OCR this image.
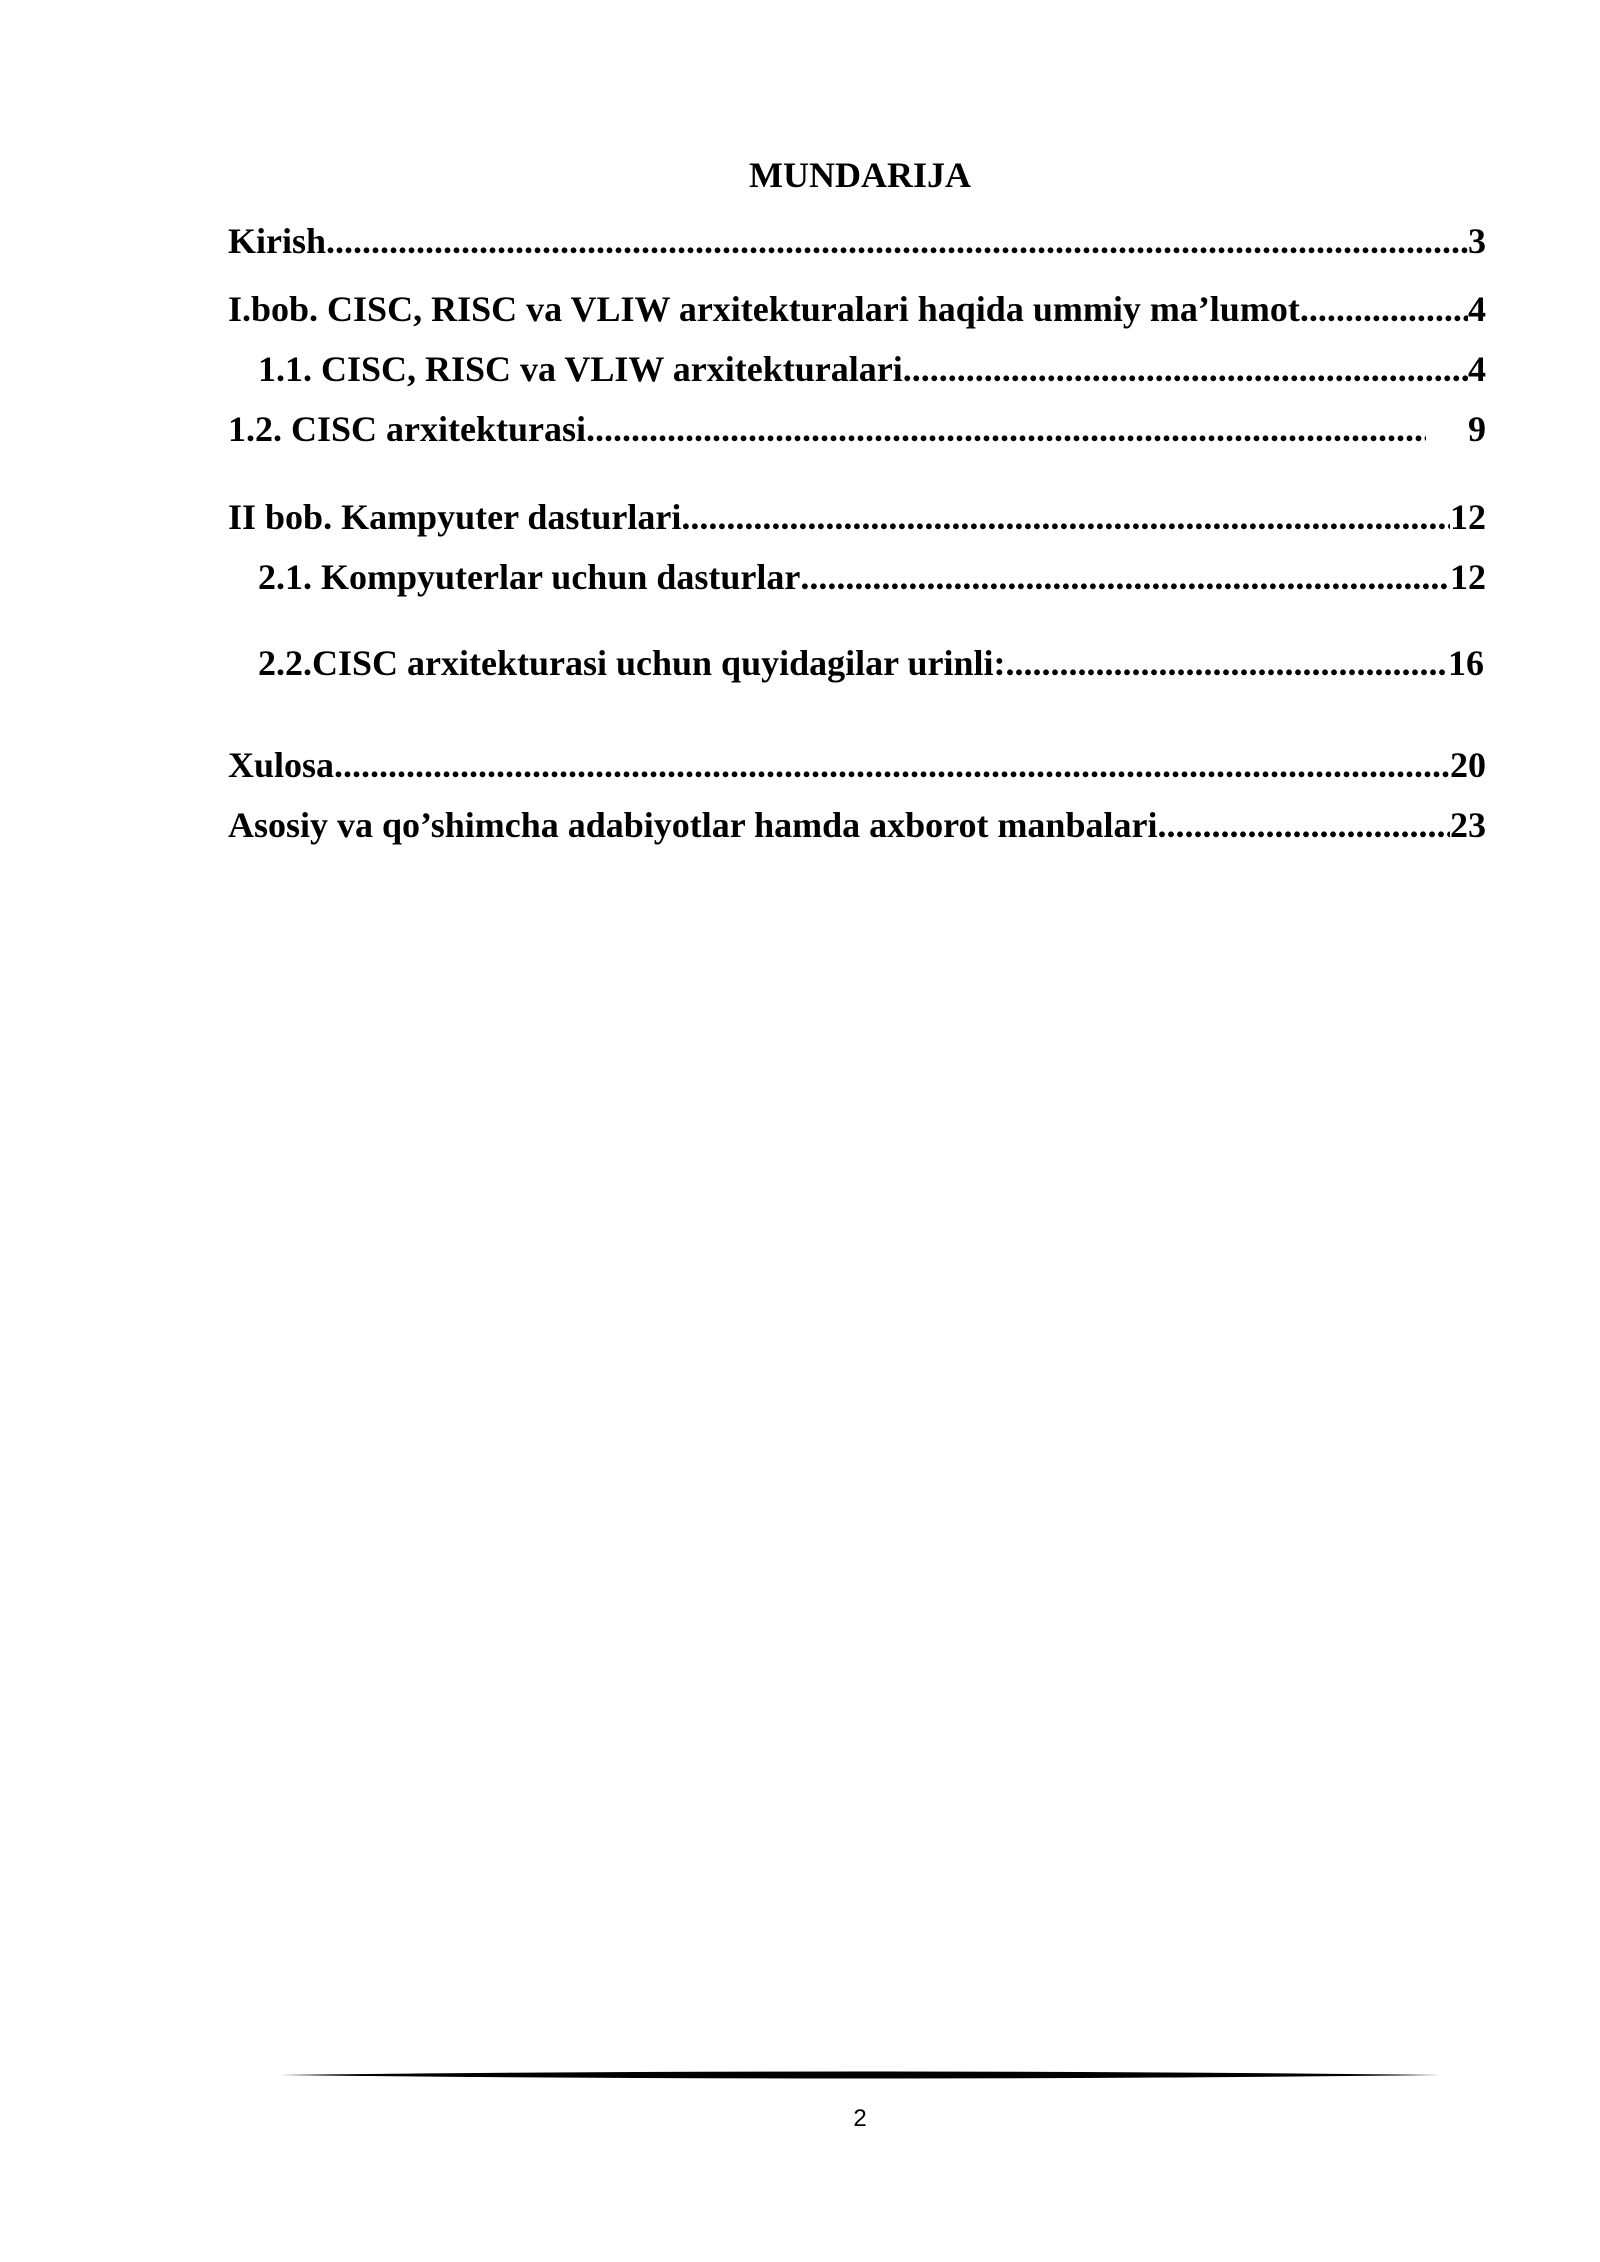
MUNDARIJA
Kirish .....	3
I.bob. CISC, RISC va VLIW arxitekturalari haqida ummiy ma’lumot .....	4
1.1. CISC, RISC va VLIW arxitekturalari .....	4
1.2. CISC arxitekturasi. .....	9
II bob. Kampyuter dasturlari. .....	12
2.1. Kompyuterlar uchun dasturlar .....	12
2.2.CISC arxitekturasi uchun quyidagilar urinli: .....	16
Xulosa .....	20
Asosiy va qo’shimcha adabiyotlar hamda axborot manbalari .....	23
2
